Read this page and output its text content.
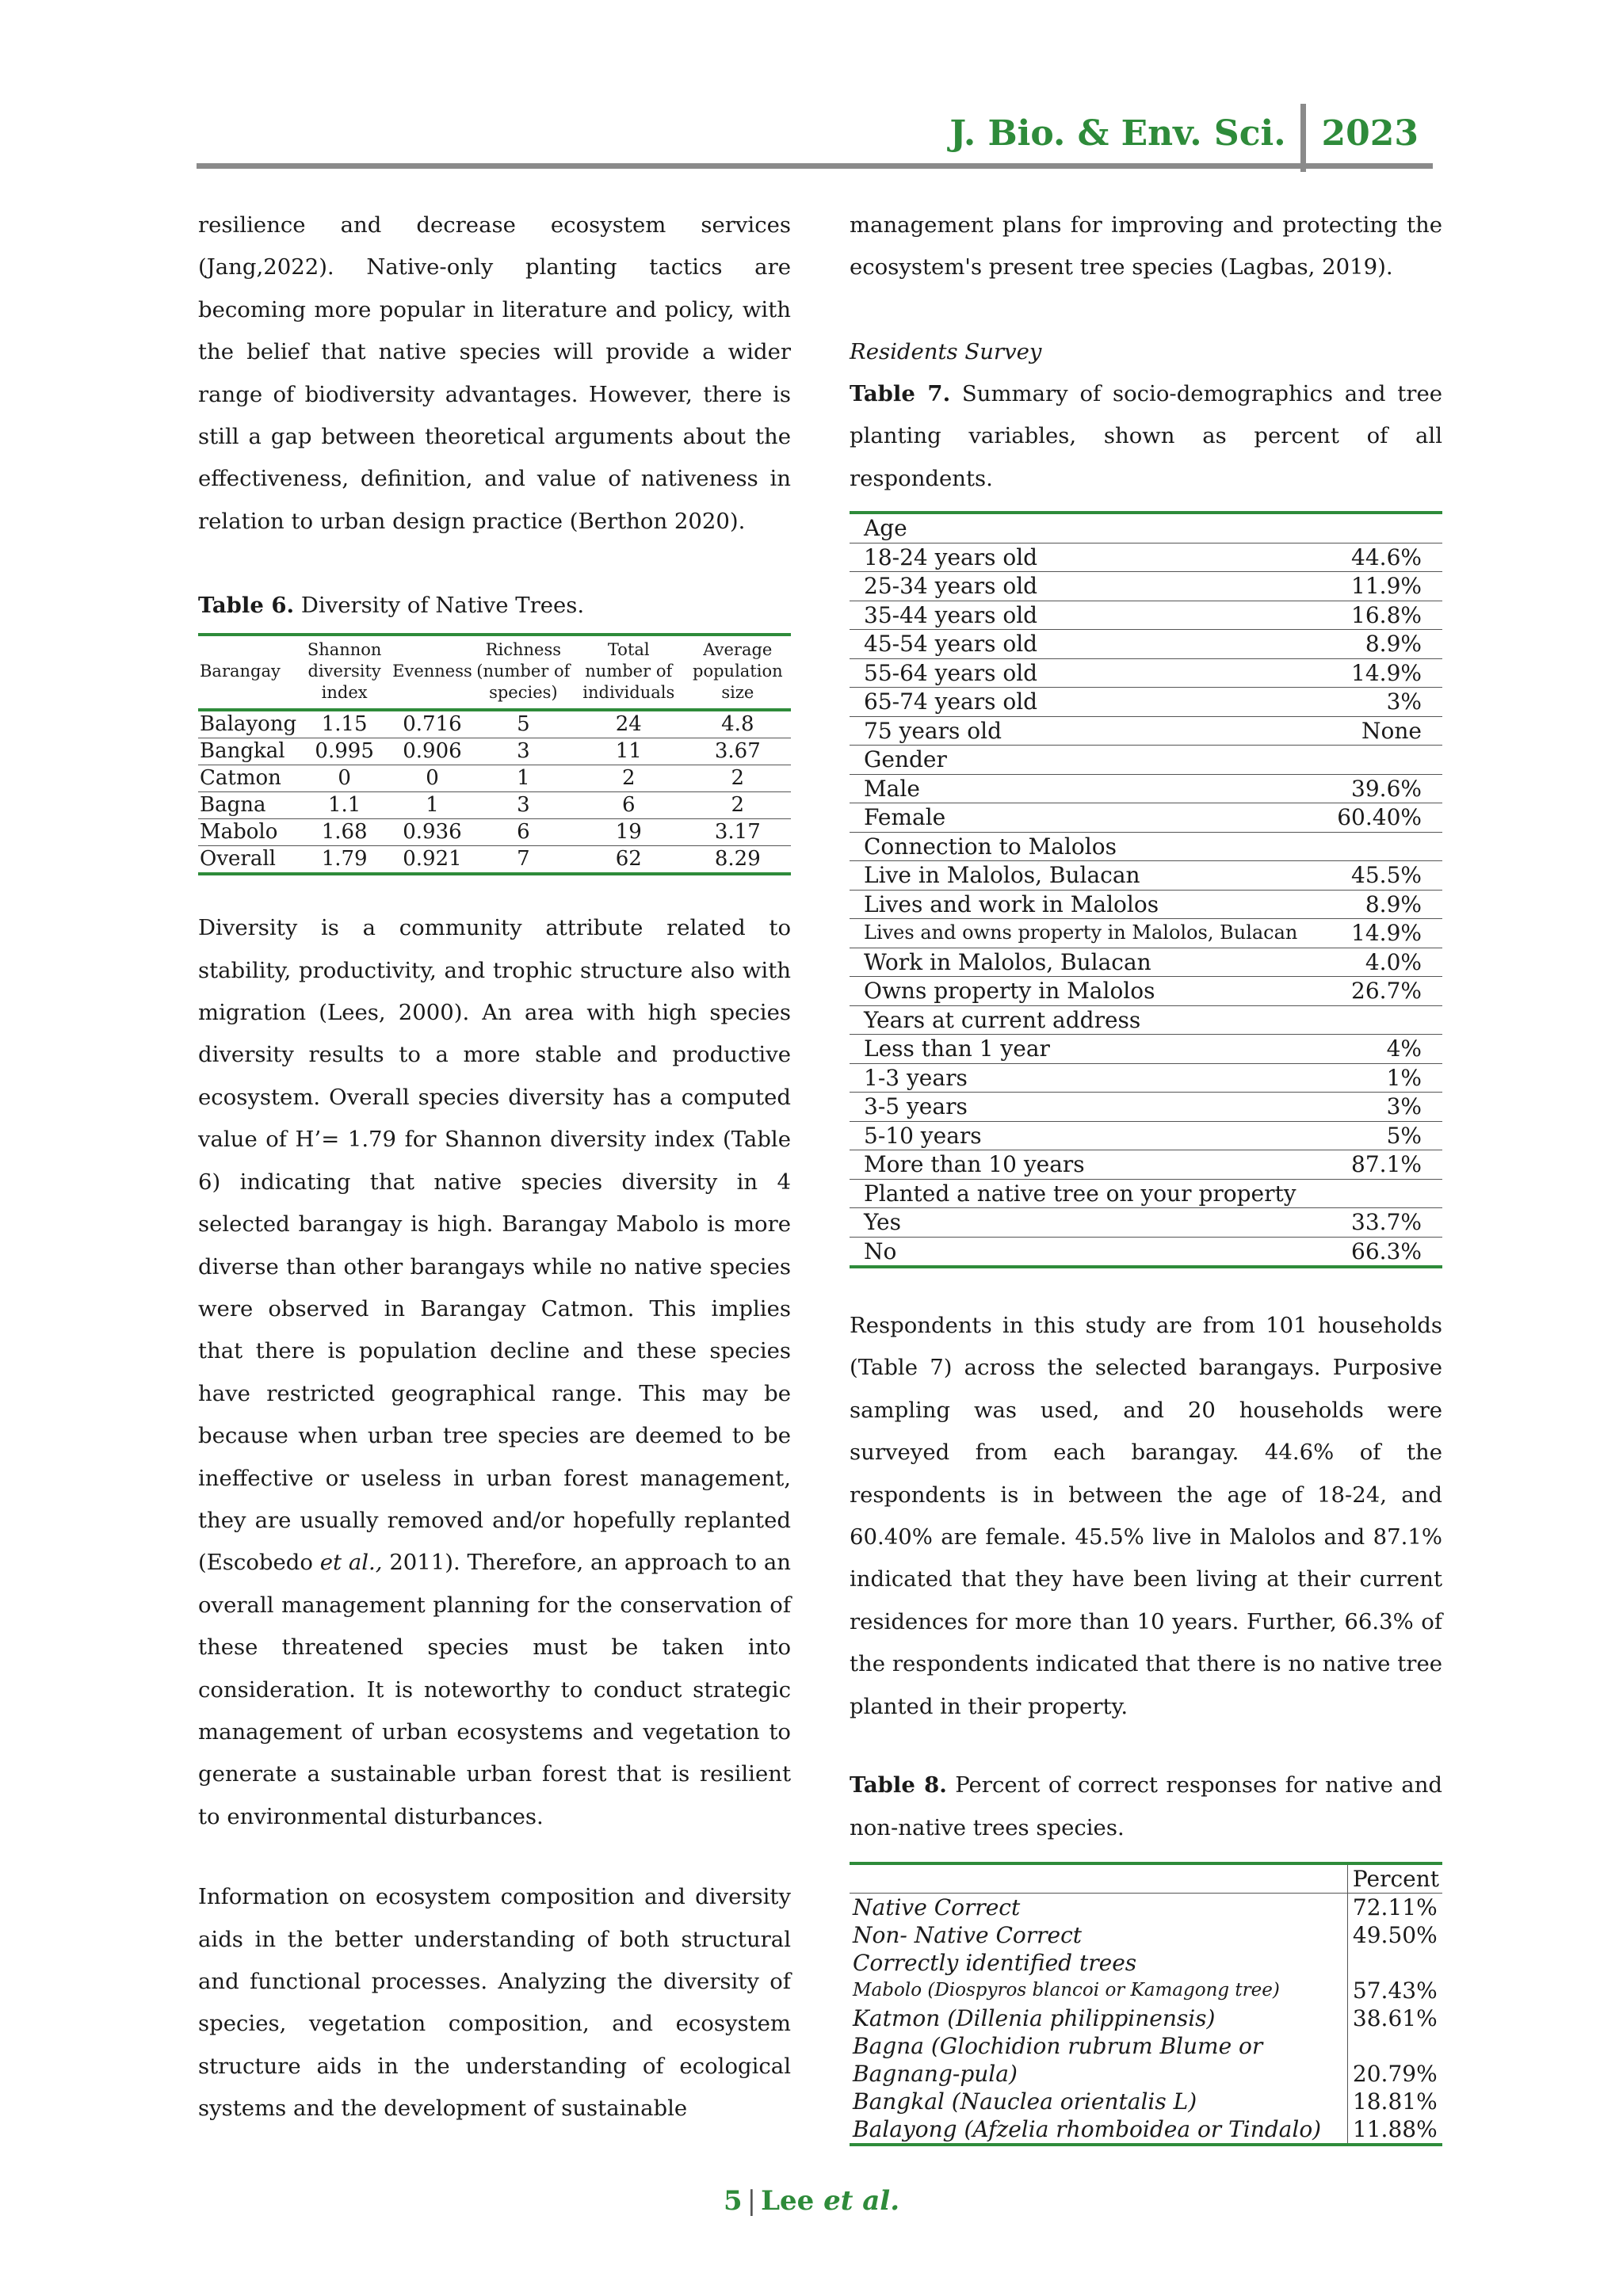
J. Bio. & Env. Sci.	2023

resilience and decrease ecosystem services (Jang,2022). Native-only planting tactics are becoming more popular in literature and policy, with the belief that native species will provide a wider range of biodiversity advantages. However, there is still a gap between theoretical arguments about the effectiveness, definition, and value of nativeness in relation to urban design practice (Berthon 2020).

Table 6. Diversity of Native Trees.

Barangay	Shannon diversity index	Evenness	Richness (number of species)	Total number of individuals	Average population size
Balayong	1.15	0.716	5	24	4.8
Bangkal	0.995	0.906	3	11	3.67
Catmon	0	0	1	2	2
Bagna	1.1	1	3	6	2
Mabolo	1.68	0.936	6	19	3.17
Overall	1.79	0.921	7	62	8.29

Diversity is a community attribute related to stability, productivity, and trophic structure also with migration (Lees, 2000). An area with high species diversity results to a more stable and productive ecosystem. Overall species diversity has a computed value of H’= 1.79 for Shannon diversity index (Table 6) indicating that native species diversity in 4 selected barangay is high. Barangay Mabolo is more diverse than other barangays while no native species were observed in Barangay Catmon. This implies that there is population decline and these species have restricted geographical range. This may be because when urban tree species are deemed to be ineffective or useless in urban forest management, they are usually removed and/or hopefully replanted (Escobedo et al., 2011). Therefore, an approach to an overall management planning for the conservation of these threatened species must be taken into consideration. It is noteworthy to conduct strategic management of urban ecosystems and vegetation to generate a sustainable urban forest that is resilient to environmental disturbances.

Information on ecosystem composition and diversity aids in the better understanding of both structural and functional processes. Analyzing the diversity of species, vegetation composition, and ecosystem structure aids in the understanding of ecological systems and the development of sustainable

management plans for improving and protecting the ecosystem's present tree species (Lagbas, 2019).

Residents Survey

Table 7. Summary of socio-demographics and tree planting variables, shown as percent of all respondents.

Age	
18-24 years old	44.6%
25-34 years old	11.9%
35-44 years old	16.8%
45-54 years old	8.9%
55-64 years old	14.9%
65-74 years old	3%
75 years old	None
Gender	
Male	39.6%
Female	60.40%
Connection to Malolos	
Live in Malolos, Bulacan	45.5%
Lives and work in Malolos	8.9%
Lives and owns property in Malolos, Bulacan	14.9%
Work in Malolos, Bulacan	4.0%
Owns property in Malolos	26.7%
Years at current address	
Less than 1 year	4%
1-3 years	1%
3-5 years	3%
5-10 years	5%
More than 10 years	87.1%
Planted a native tree on your property	
Yes	33.7%
No	66.3%

Respondents in this study are from 101 households (Table 7) across the selected barangays. Purposive sampling was used, and 20 households were surveyed from each barangay. 44.6% of the respondents is in between the age of 18-24, and 60.40% are female. 45.5% live in Malolos and 87.1% indicated that they have been living at their current residences for more than 10 years. Further, 66.3% of the respondents indicated that there is no native tree planted in their property.

Table 8. Percent of correct responses for native and non-native trees species.

	Percent
Native Correct	72.11%
Non- Native Correct	49.50%
Correctly identified trees	
Mabolo (Diospyros blancoi or Kamagong tree)	57.43%
Katmon (Dillenia philippinensis)	38.61%
Bagna (Glochidion rubrum Blume or Bagnang-pula)	20.79%
Bangkal (Nauclea orientalis L)	18.81%
Balayong (Afzelia rhomboidea or Tindalo)	11.88%
5 | Lee et al.
